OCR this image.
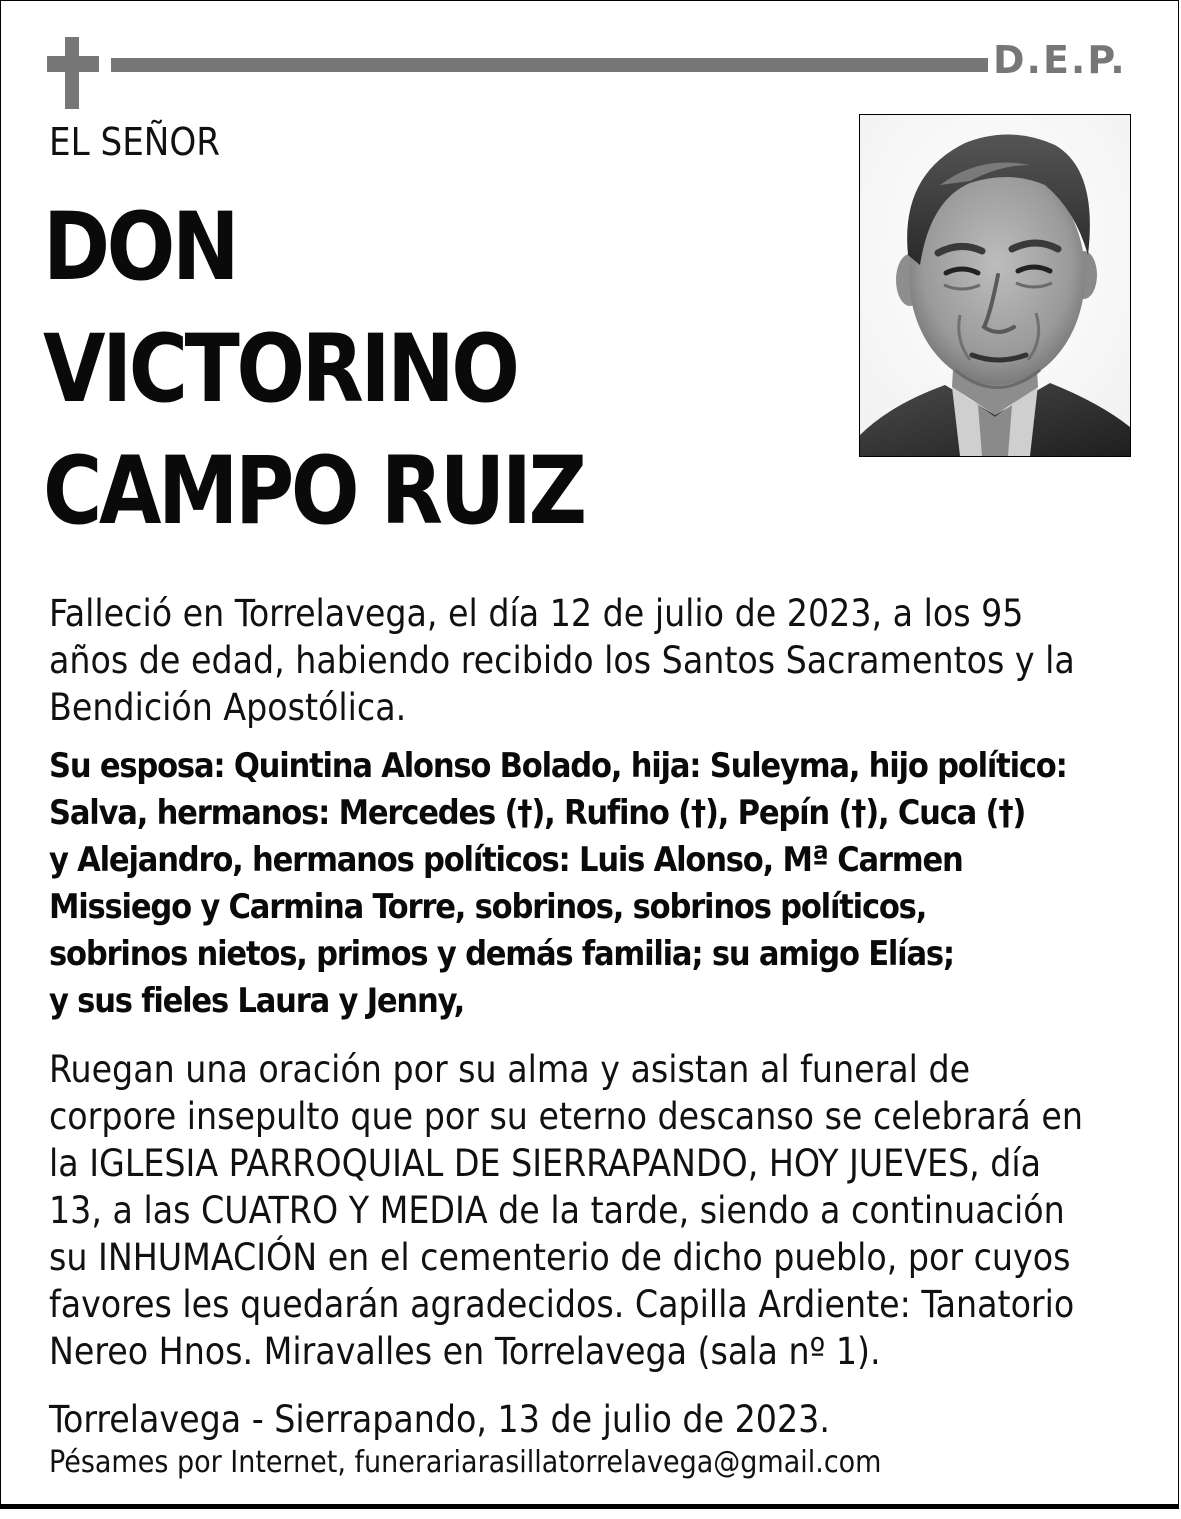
D.E.P.
EL SEÑOR
DON
VICTORINO
CAMPO RUIZ
Falleció en Torrelavega, el día 12 de julio de 2023, a los 95
años de edad, habiendo recibido los Santos Sacramentos y la
Bendición Apostólica.
Su esposa: Quintina Alonso Bolado, hija: Suleyma, hijo político:
Salva, hermanos: Mercedes (†), Rufino (†), Pepín (†), Cuca (†)
y Alejandro, hermanos políticos: Luis Alonso, Mª Carmen
Missiego y Carmina Torre, sobrinos, sobrinos políticos,
sobrinos nietos, primos y demás familia; su amigo Elías;
y sus fieles Laura y Jenny,
Ruegan una oración por su alma y asistan al funeral de
corpore insepulto que por su eterno descanso se celebrará en
la IGLESIA PARROQUIAL DE SIERRAPANDO, HOY JUEVES, día
13, a las CUATRO Y MEDIA de la tarde, siendo a continuación
su INHUMACIÓN en el cementerio de dicho pueblo, por cuyos
favores les quedarán agradecidos. Capilla Ardiente: Tanatorio
Nereo Hnos. Miravalles en Torrelavega (sala nº 1).
Torrelavega - Sierrapando, 13 de julio de 2023.
Pésames por Internet, funerariarasillatorrelavega@gmail.com
